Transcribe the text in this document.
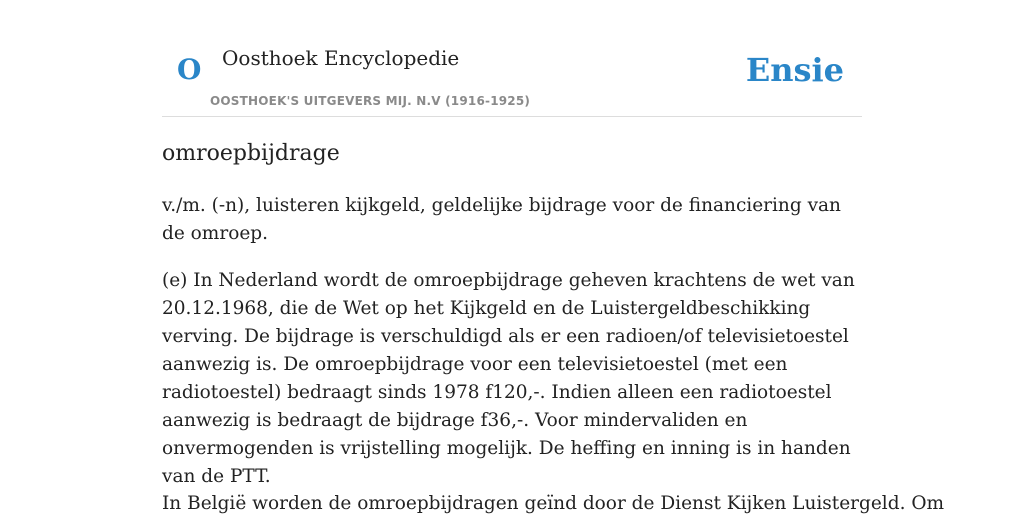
O Oosthoek Encyclopedie
OOSTHOEK'S UITGEVERS MIJ. N.V (1916-1925)
Ensie
omroepbijdrage

v./m. (-n), luisteren kijkgeld, geldelijke bijdrage voor de financiering van de omroep.

(e) In Nederland wordt de omroepbijdrage geheven krachtens de wet van 20.12.1968, die de Wet op het Kijkgeld en de Luistergeldbeschikking verving. De bijdrage is verschuldigd als er een radioen/of televisietoestel aanwezig is. De omroepbijdrage voor een televisietoestel (met een radiotoestel) bedraagt sinds 1978 f120,-. Indien alleen een radiotoestel aanwezig is bedraagt de bijdrage f36,-. Voor mindervaliden en onvermogenden is vrijstelling mogelijk. De heffing en inning is in handen van de PTT.

In België worden de omroepbijdragen geïnd door de Dienst Kijken Luistergeld. Om
